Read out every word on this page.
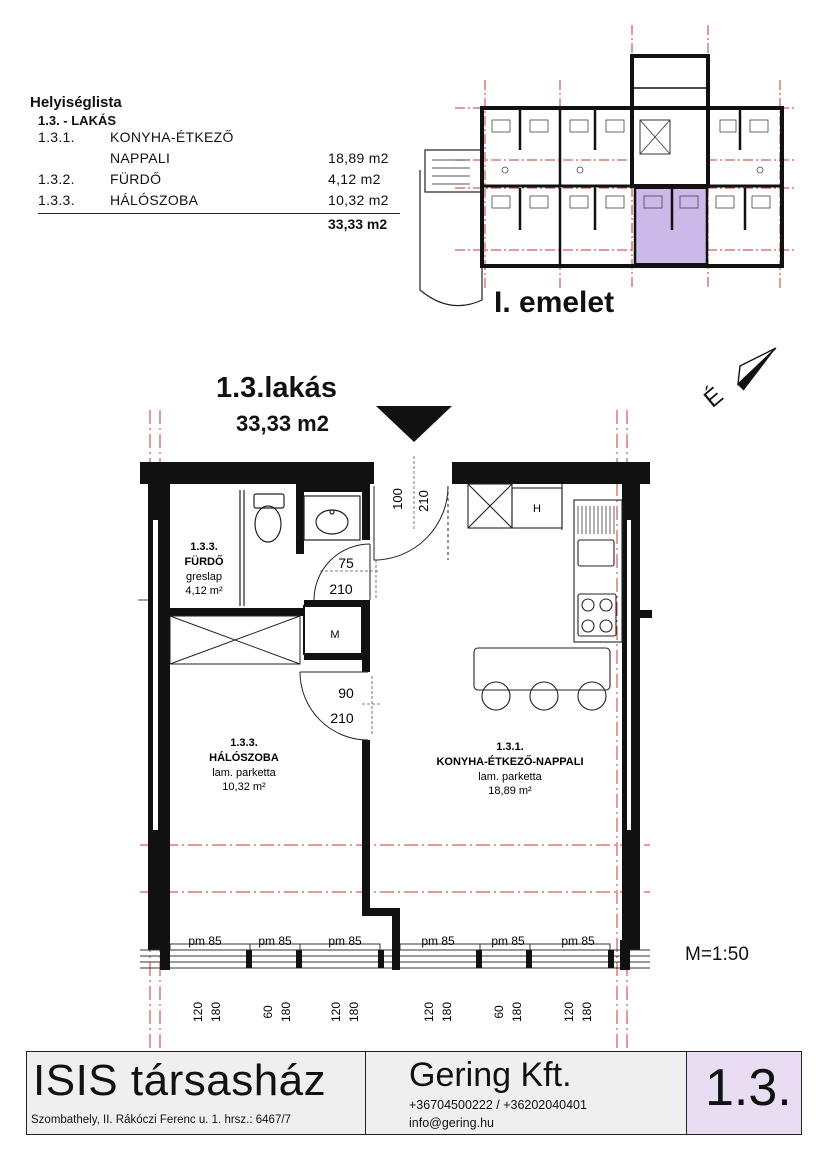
Helyiséglista
1.3. - LAKÁS
1.3.1.	KONYHA-ÉTKEZŐ
NAPPALI	18,89 m2
1.3.2.	FÜRDŐ	4,12 m2
1.3.3.	HÁLÓSZOBA	10,32 m2
33,33 m2
I. emelet
É
1.3.lakás
33,33 m2
M
100 210
75
210
90
210
H
1.3.3.
FÜRDŐ
greslap
4,12 m²
1.3.3.
HÁLÓSZOBA
lam. parketta
10,32 m²
1.3.1.
KONYHA-ÉTKEZŐ-NAPPALI
lam. parketta
18,89 m²
pm 85	pm 85	pm 85	pm 85	pm 85	pm 85
120 180	60 180	120 180	120 180	60 180	120 180
M=1:50
ISIS társasház
Szombathely, II. Rákóczi Ferenc u. 1. hrsz.: 6467/7
Gering Kft.
+36704500222 / +36202040401
info@gering.hu
1.3.
